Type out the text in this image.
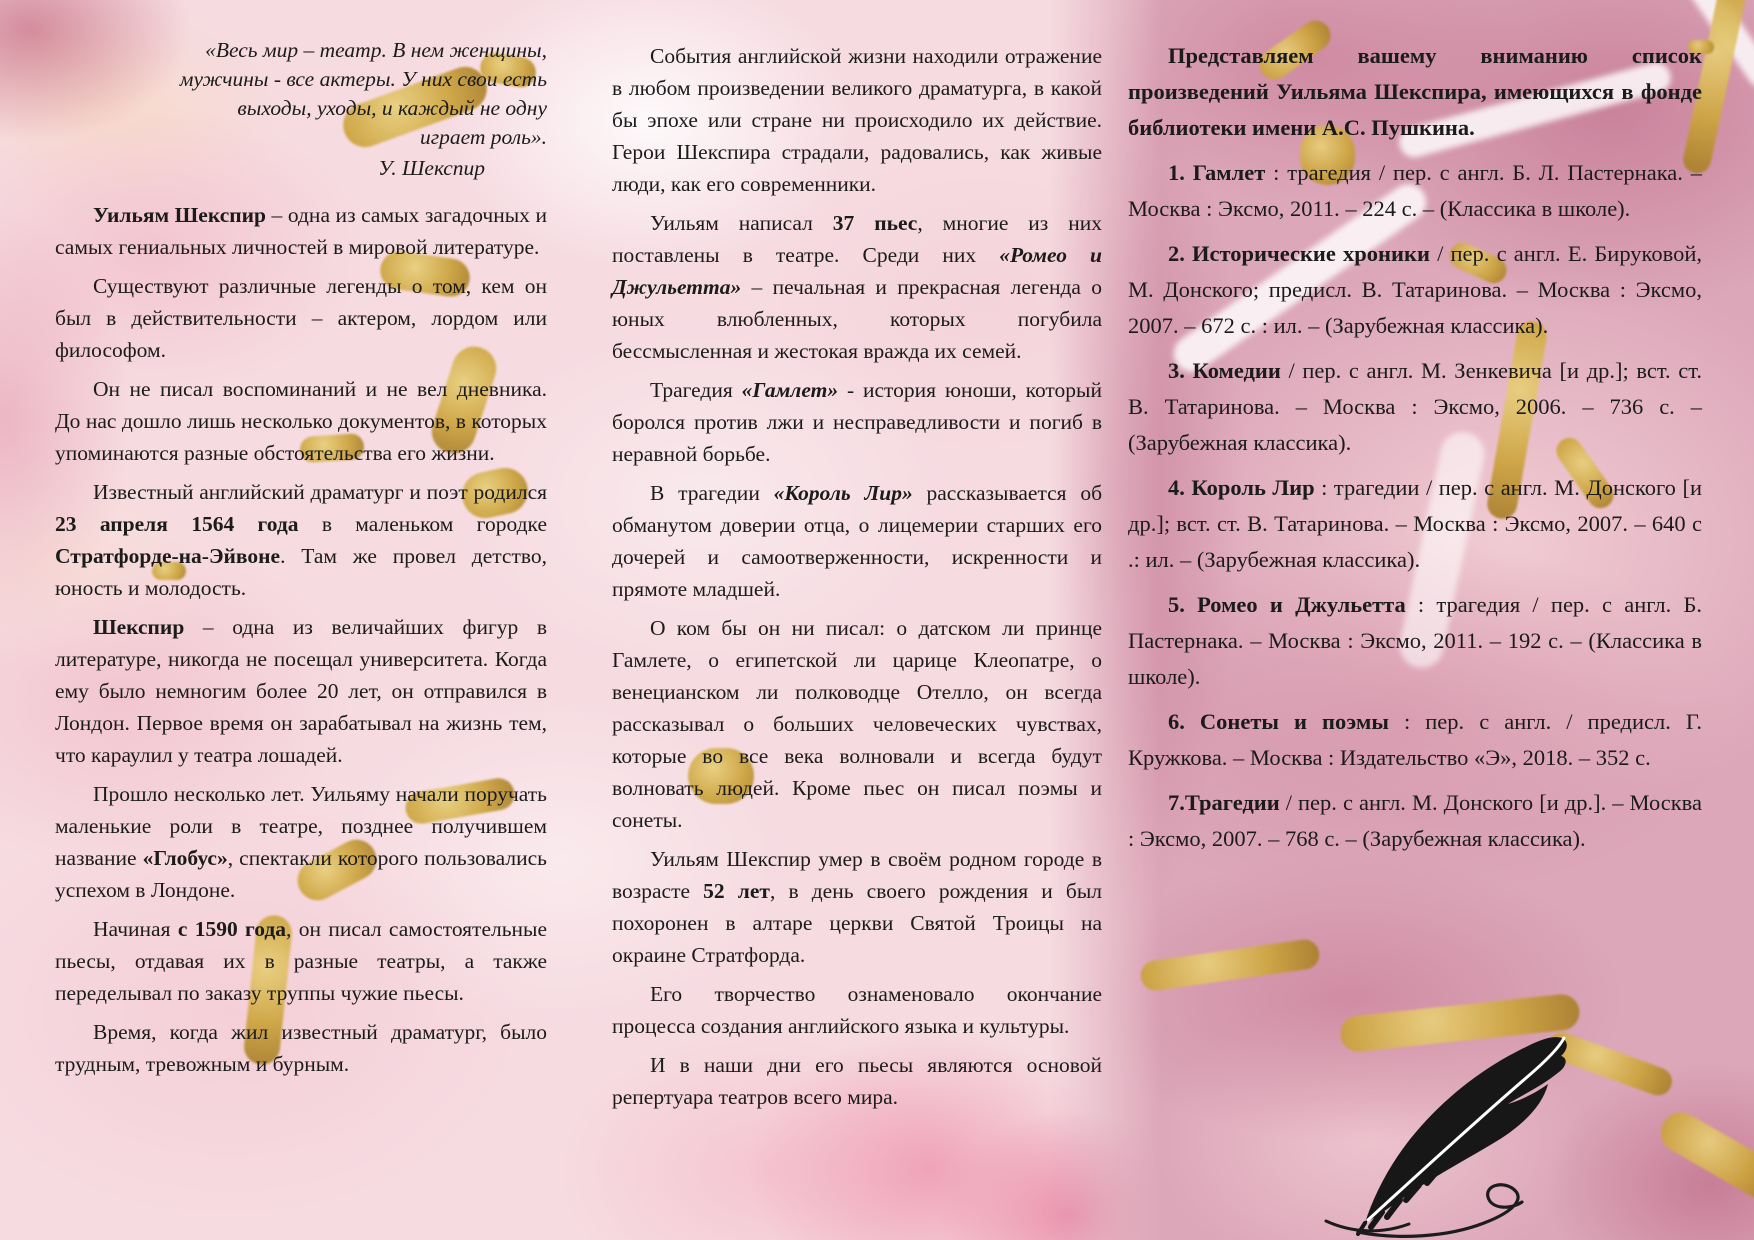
«Весь мир – театр. В нем женщины, мужчины - все актеры. У них свои есть выходы, уходы, и каждый не одну играет роль».
У. Шекспир

Уильям Шекспир – одна из самых загадочных и самых гениальных личностей в мировой литературе.

Существуют различные легенды о том, кем он был в действительности – актером, лордом или философом.

Он не писал воспоминаний и не вел дневника. До нас дошло лишь несколько документов, в которых упоминаются разные обстоятельства его жизни.

Известный английский драматург и поэт родился 23 апреля 1564 года в маленьком городке Стратфорде-на-Эйвоне. Там же провел детство, юность и молодость.

Шекспир – одна из величайших фигур в литературе, никогда не посещал университета. Когда ему было немногим более 20 лет, он отправился в Лондон. Первое время он зарабатывал на жизнь тем, что караулил у театра лошадей.

Прошло несколько лет. Уильяму начали поручать маленькие роли в театре, позднее получившем название «Глобус», спектакли которого пользовались успехом в Лондоне.

Начиная с 1590 года, он писал самостоятельные пьесы, отдавая их в разные театры, а также переделывал по заказу труппы чужие пьесы.

Время, когда жил известный драматург, было трудным, тревожным и бурным.

События английской жизни находили отражение в любом произведении великого драматурга, в какой бы эпохе или стране ни происходило их действие. Герои Шекспира страдали, радовались, как живые люди, как его современники.

Уильям написал 37 пьес, многие из них поставлены в театре. Среди них «Ромео и Джульетта» – печальная и прекрасная легенда о юных влюбленных, которых погубила бессмысленная и жестокая вражда их семей.

Трагедия «Гамлет» - история юноши, который боролся против лжи и несправедливости и погиб в неравной борьбе.

В трагедии «Король Лир» рассказывается об обманутом доверии отца, о лицемерии старших его дочерей и самоотверженности, искренности и прямоте младшей.

О ком бы он ни писал: о датском ли принце Гамлете, о египетской ли царице Клеопатре, о венецианском ли полководце Отелло, он всегда рассказывал о больших человеческих чувствах, которые во все века волновали и всегда будут волновать людей. Кроме пьес он писал поэмы и сонеты.

Уильям Шекспир умер в своём родном городе в возрасте 52 лет, в день своего рождения и был похоронен в алтаре церкви Святой Троицы на окраине Стратфорда.

Его творчество ознаменовало окончание процесса создания английского языка и культуры.

И в наши дни его пьесы являются основой репертуара театров всего мира.

Представляем вашему вниманию список произведений Уильяма Шекспира, имеющихся в фонде библиотеки имени А.С. Пушкина.

1. Гамлет : трагедия / пер. с англ. Б. Л. Пастернака. – Москва : Эксмо, 2011. – 224 с. – (Классика в школе).

2. Исторические хроники / пер. с англ. Е. Бируковой, М. Донского; предисл. В. Татаринова. – Москва : Эксмо, 2007. – 672 с. : ил. – (Зарубежная классика).

3. Комедии / пер. с англ. М. Зенкевича [и др.]; вст. ст. В. Татаринова. – Москва : Эксмо, 2006. – 736 с. – (Зарубежная классика).

4. Король Лир : трагедии / пер. с англ. М. Донского [и др.]; вст. ст. В. Татаринова. – Москва : Эксмо, 2007. – 640 с .: ил. – (Зарубежная классика).

5. Ромео и Джульетта : трагедия / пер. с англ. Б. Пастернака. – Москва : Эксмо, 2011. – 192 с. – (Классика в школе).

6. Сонеты и поэмы : пер. с англ. / предисл. Г. Кружкова. – Москва : Издательство «Э», 2018. – 352 с.

7.Трагедии / пер. с англ. М. Донского [и др.]. – Москва : Эксмо, 2007. – 768 с. – (Зарубежная классика).
